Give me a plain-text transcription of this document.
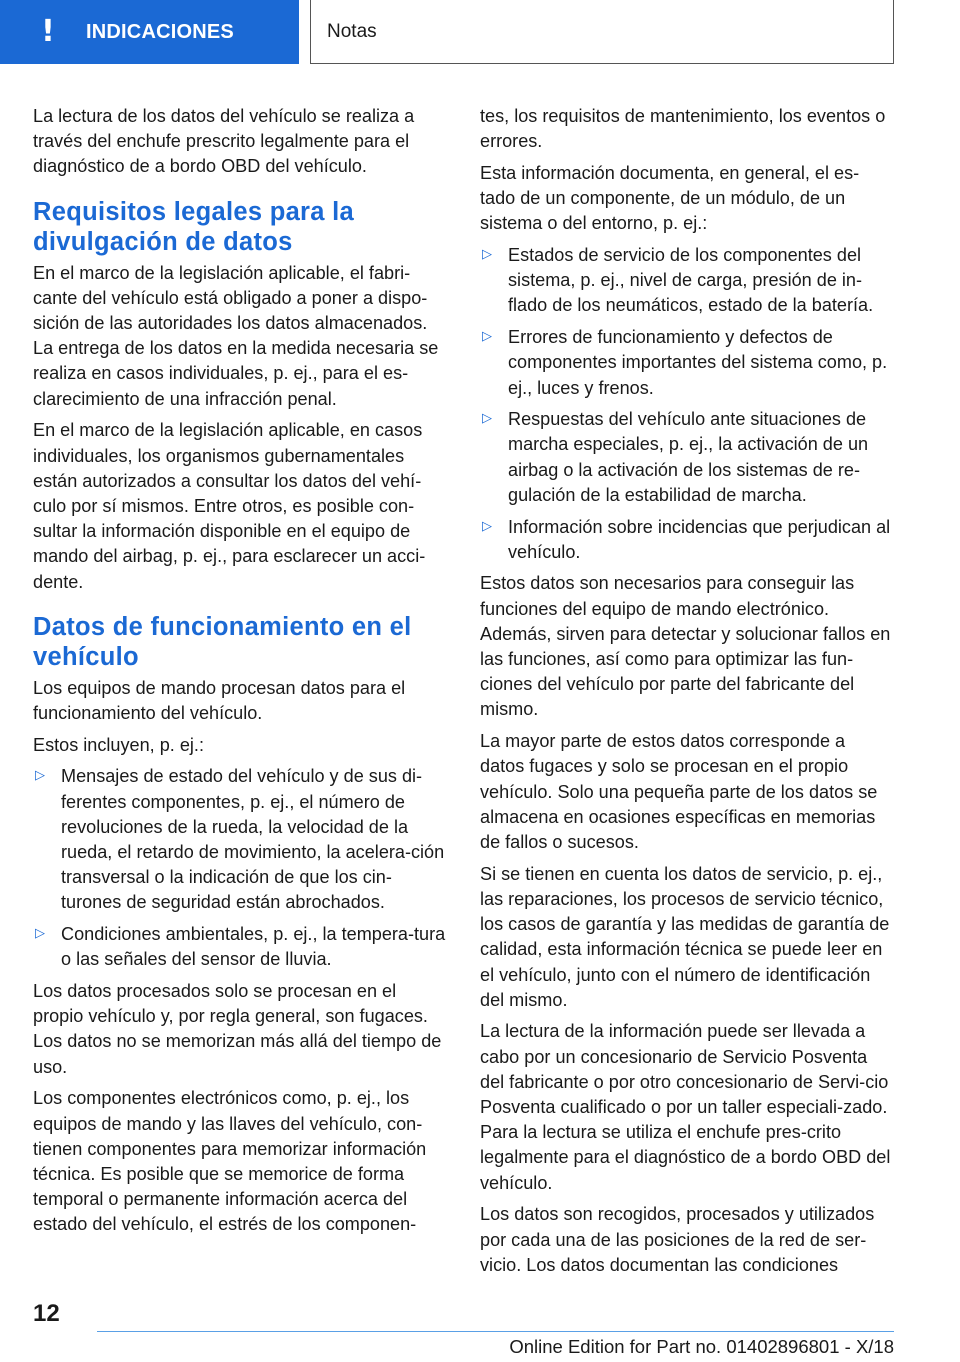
! INDICACIONES	Notas

La lectura de los datos del vehículo se realiza a través del enchufe prescrito legalmente para el diagnóstico de a bordo OBD del vehículo.

Requisitos legales para la divulgación de datos

En el marco de la legislación aplicable, el fabri‐cante del vehículo está obligado a poner a dispo‐sición de las autoridades los datos almacenados. La entrega de los datos en la medida necesaria se realiza en casos individuales, p. ej., para el es‐clarecimiento de una infracción penal.

En el marco de la legislación aplicable, en casos individuales, los organismos gubernamentales están autorizados a consultar los datos del vehí‐culo por sí mismos. Entre otros, es posible con‐sultar la información disponible en el equipo de mando del airbag, p. ej., para esclarecer un acci‐dente.

Datos de funcionamiento en el vehículo

Los equipos de mando procesan datos para el funcionamiento del vehículo.

Estos incluyen, p. ej.:

▷ Mensajes de estado del vehículo y de sus di‐ferentes componentes, p. ej., el número de revoluciones de la rueda, la velocidad de la rueda, el retardo de movimiento, la acelera‐ción transversal o la indicación de que los cin‐turones de seguridad están abrochados.
▷ Condiciones ambientales, p. ej., la tempera‐tura o las señales del sensor de lluvia.

Los datos procesados solo se procesan en el propio vehículo y, por regla general, son fugaces. Los datos no se memorizan más allá del tiempo de uso.

Los componentes electrónicos como, p. ej., los equipos de mando y las llaves del vehículo, con‐tienen componentes para memorizar información técnica. Es posible que se memorice de forma temporal o permanente información acerca del estado del vehículo, el estrés de los componen‐

tes, los requisitos de mantenimiento, los eventos o errores.

Esta información documenta, en general, el es‐tado de un componente, de un módulo, de un sistema o del entorno, p. ej.:

▷ Estados de servicio de los componentes del sistema, p. ej., nivel de carga, presión de in‐flado de los neumáticos, estado de la batería.
▷ Errores de funcionamiento y defectos de componentes importantes del sistema como, p. ej., luces y frenos.
▷ Respuestas del vehículo ante situaciones de marcha especiales, p. ej., la activación de un airbag o la activación de los sistemas de re‐gulación de la estabilidad de marcha.
▷ Información sobre incidencias que perjudican al vehículo.

Estos datos son necesarios para conseguir las funciones del equipo de mando electrónico. Además, sirven para detectar y solucionar fallos en las funciones, así como para optimizar las fun‐ciones del vehículo por parte del fabricante del mismo.

La mayor parte de estos datos corresponde a datos fugaces y solo se procesan en el propio vehículo. Solo una pequeña parte de los datos se almacena en ocasiones específicas en memorias de fallos o sucesos.

Si se tienen en cuenta los datos de servicio, p. ej., las reparaciones, los procesos de servicio técnico, los casos de garantía y las medidas de garantía de calidad, esta información técnica se puede leer en el vehículo, junto con el número de identificación del mismo.

La lectura de la información puede ser llevada a cabo por un concesionario de Servicio Posventa del fabricante o por otro concesionario de Servi‐cio Posventa cualificado o por un taller especiali‐zado. Para la lectura se utiliza el enchufe pres‐crito legalmente para el diagnóstico de a bordo OBD del vehículo.

Los datos son recogidos, procesados y utilizados por cada una de las posiciones de la red de ser‐vicio. Los datos documentan las condiciones

12
Online Edition for Part no. 01402896801 - X/18
